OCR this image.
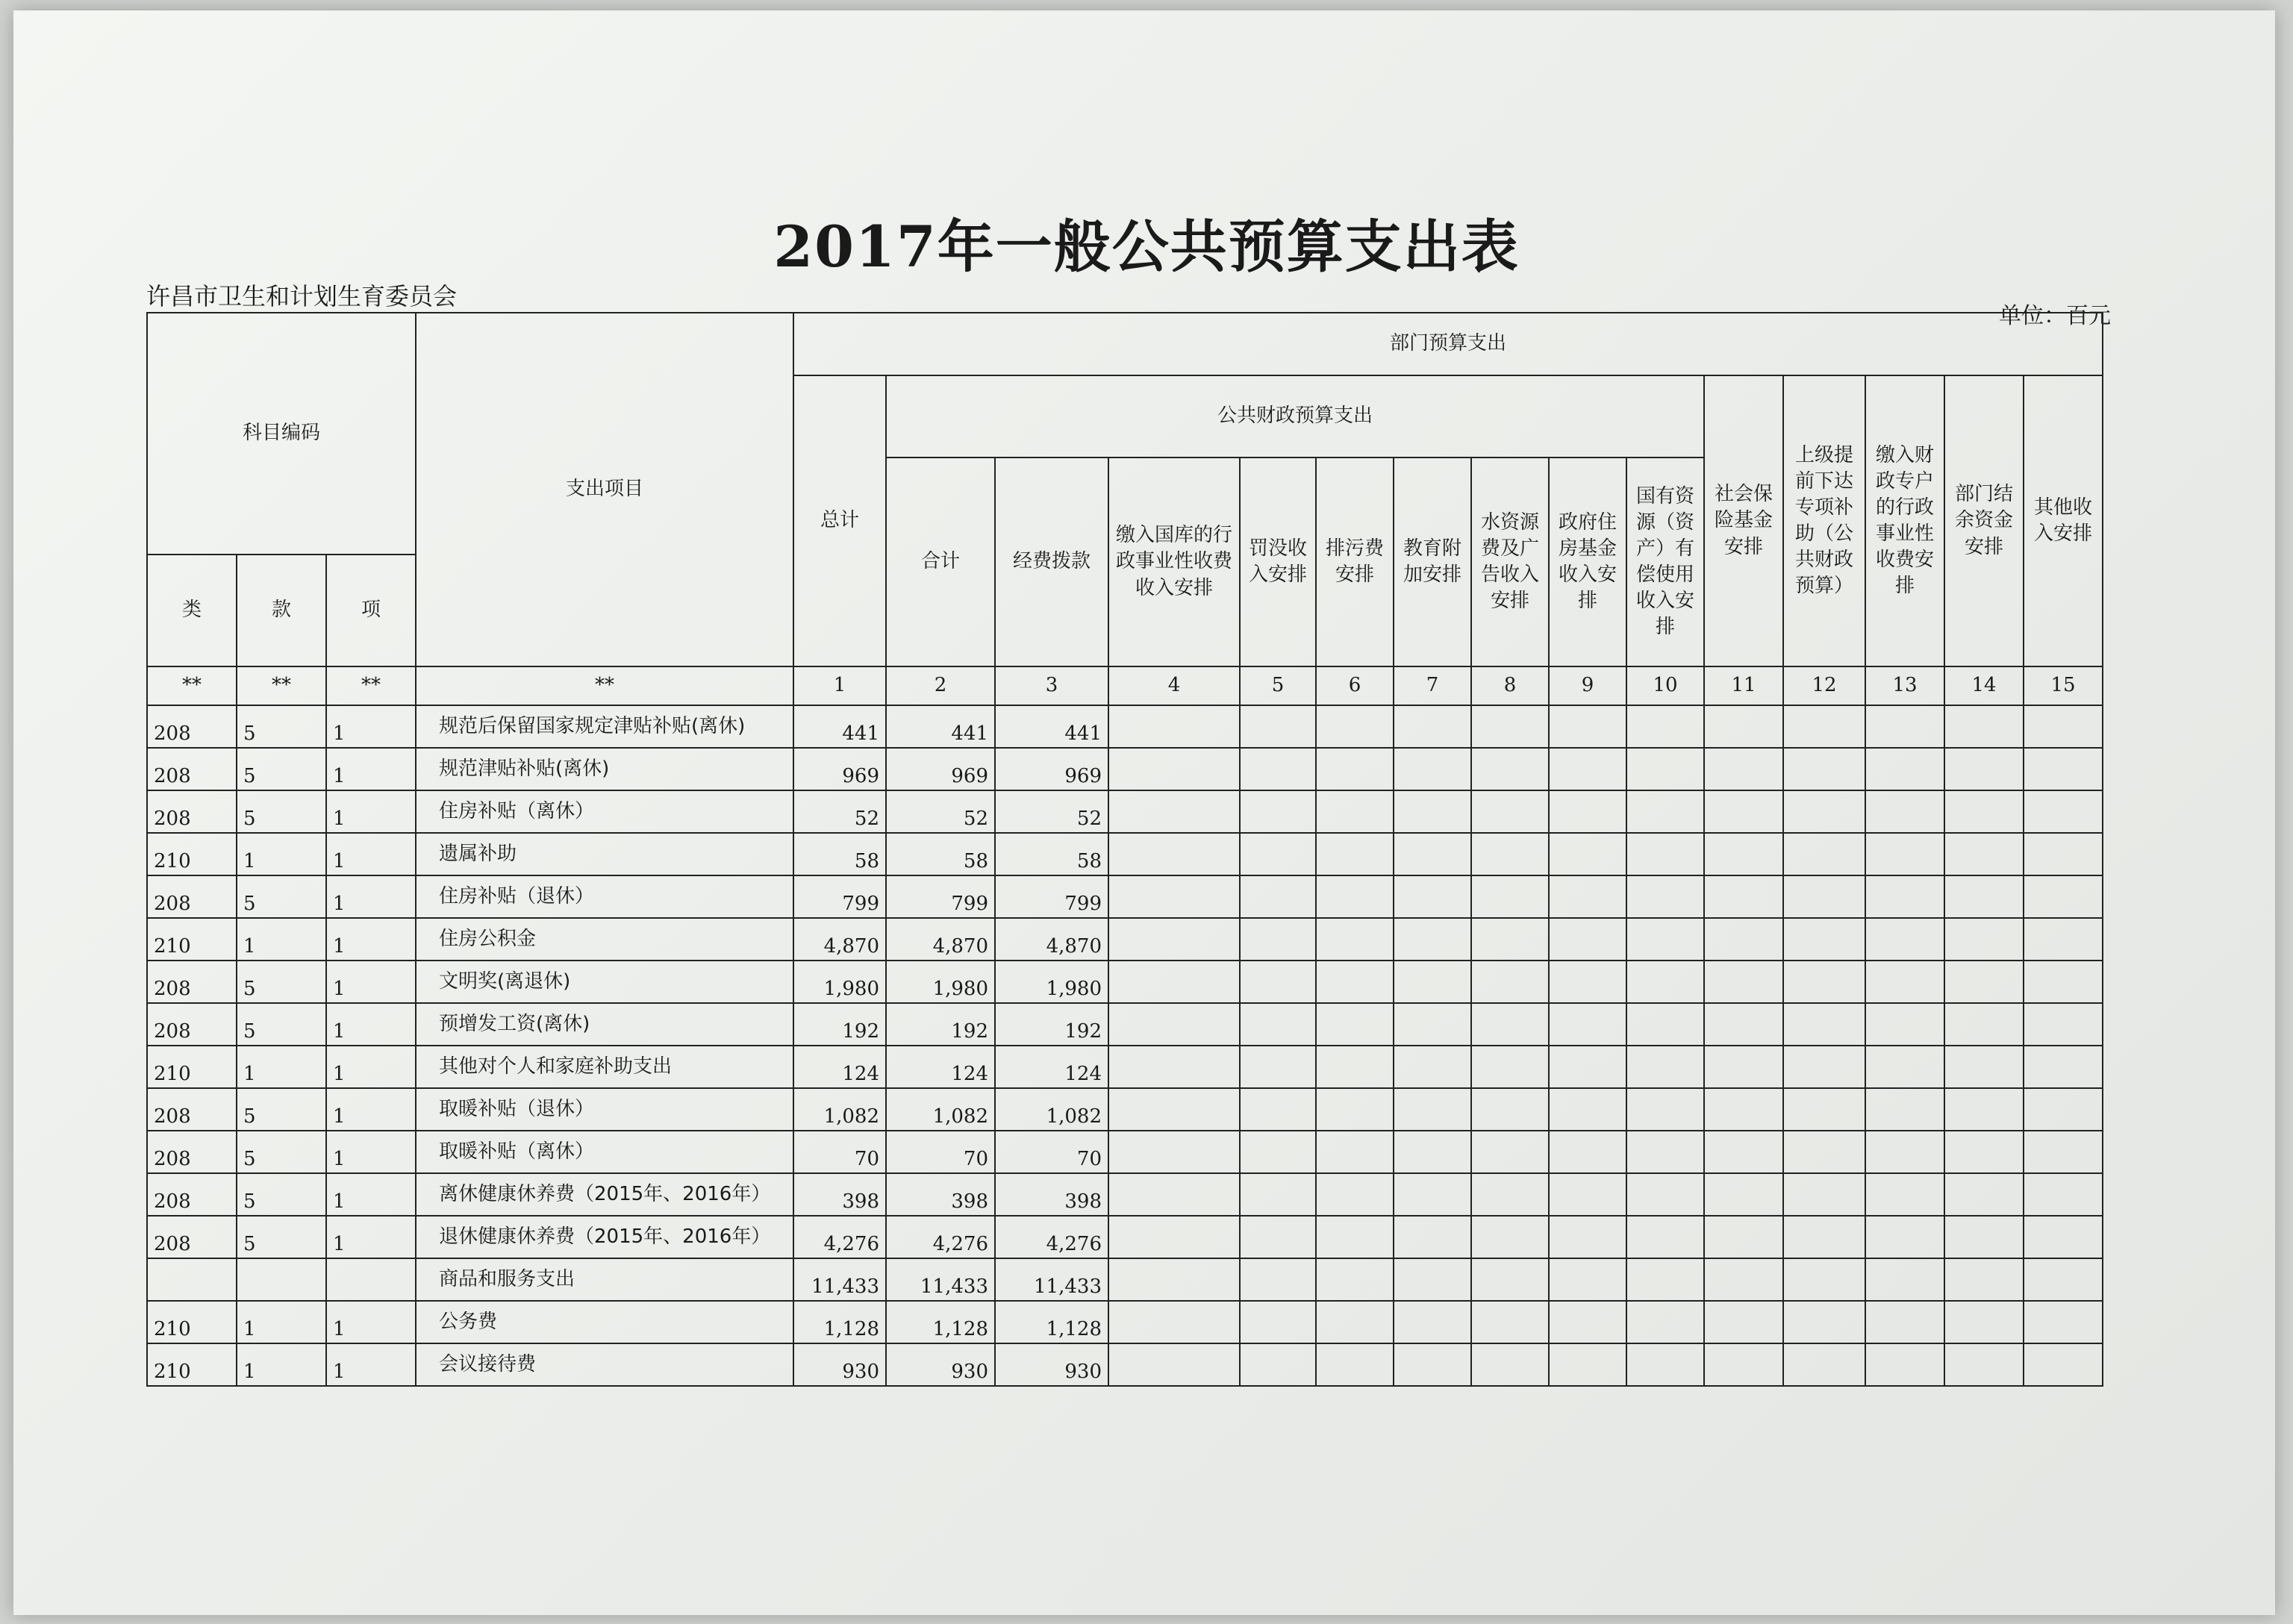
2017年一般公共预算支出表
许昌市卫生和计划生育委员会
单位：百元
科目编码			支出项目	部门预算支出														
				总计	公共财政预算支出									社会保险基金安排	上级提前下达专项补助（公共财政预算）	缴入财政专户的行政事业性收费安排	部门结余资金安排	其他收入安排
					合计	经费拨款	缴入国库的行政事业性收费收入安排	罚没收入安排	排污费安排	教育附加安排	水资源费及广告收入安排	政府住房基金收入安排	国有资源（资产）有偿使用收入安排					
类	款	项																
**	**	**	**	1	2	3	4	5	6	7	8	9	10	11	12	13	14	15
208	5	1	规范后保留国家规定津贴补贴(离休)	441	441	441												
208	5	1	规范津贴补贴(离休)	969	969	969												
208	5	1	住房补贴（离休）	52	52	52												
210	1	1	遗属补助	58	58	58												
208	5	1	住房补贴（退休）	799	799	799												
210	1	1	住房公积金	4,870	4,870	4,870												
208	5	1	文明奖(离退休)	1,980	1,980	1,980												
208	5	1	预增发工资(离休)	192	192	192												
210	1	1	其他对个人和家庭补助支出	124	124	124												
208	5	1	取暖补贴（退休）	1,082	1,082	1,082												
208	5	1	取暖补贴（离休）	70	70	70												
208	5	1	离休健康休养费（2015年、2016年）	398	398	398												
208	5	1	退休健康休养费（2015年、2016年）	4,276	4,276	4,276												
			商品和服务支出	11,433	11,433	11,433												
210	1	1	公务费	1,128	1,128	1,128												
210	1	1	会议接待费	930	930	930												
